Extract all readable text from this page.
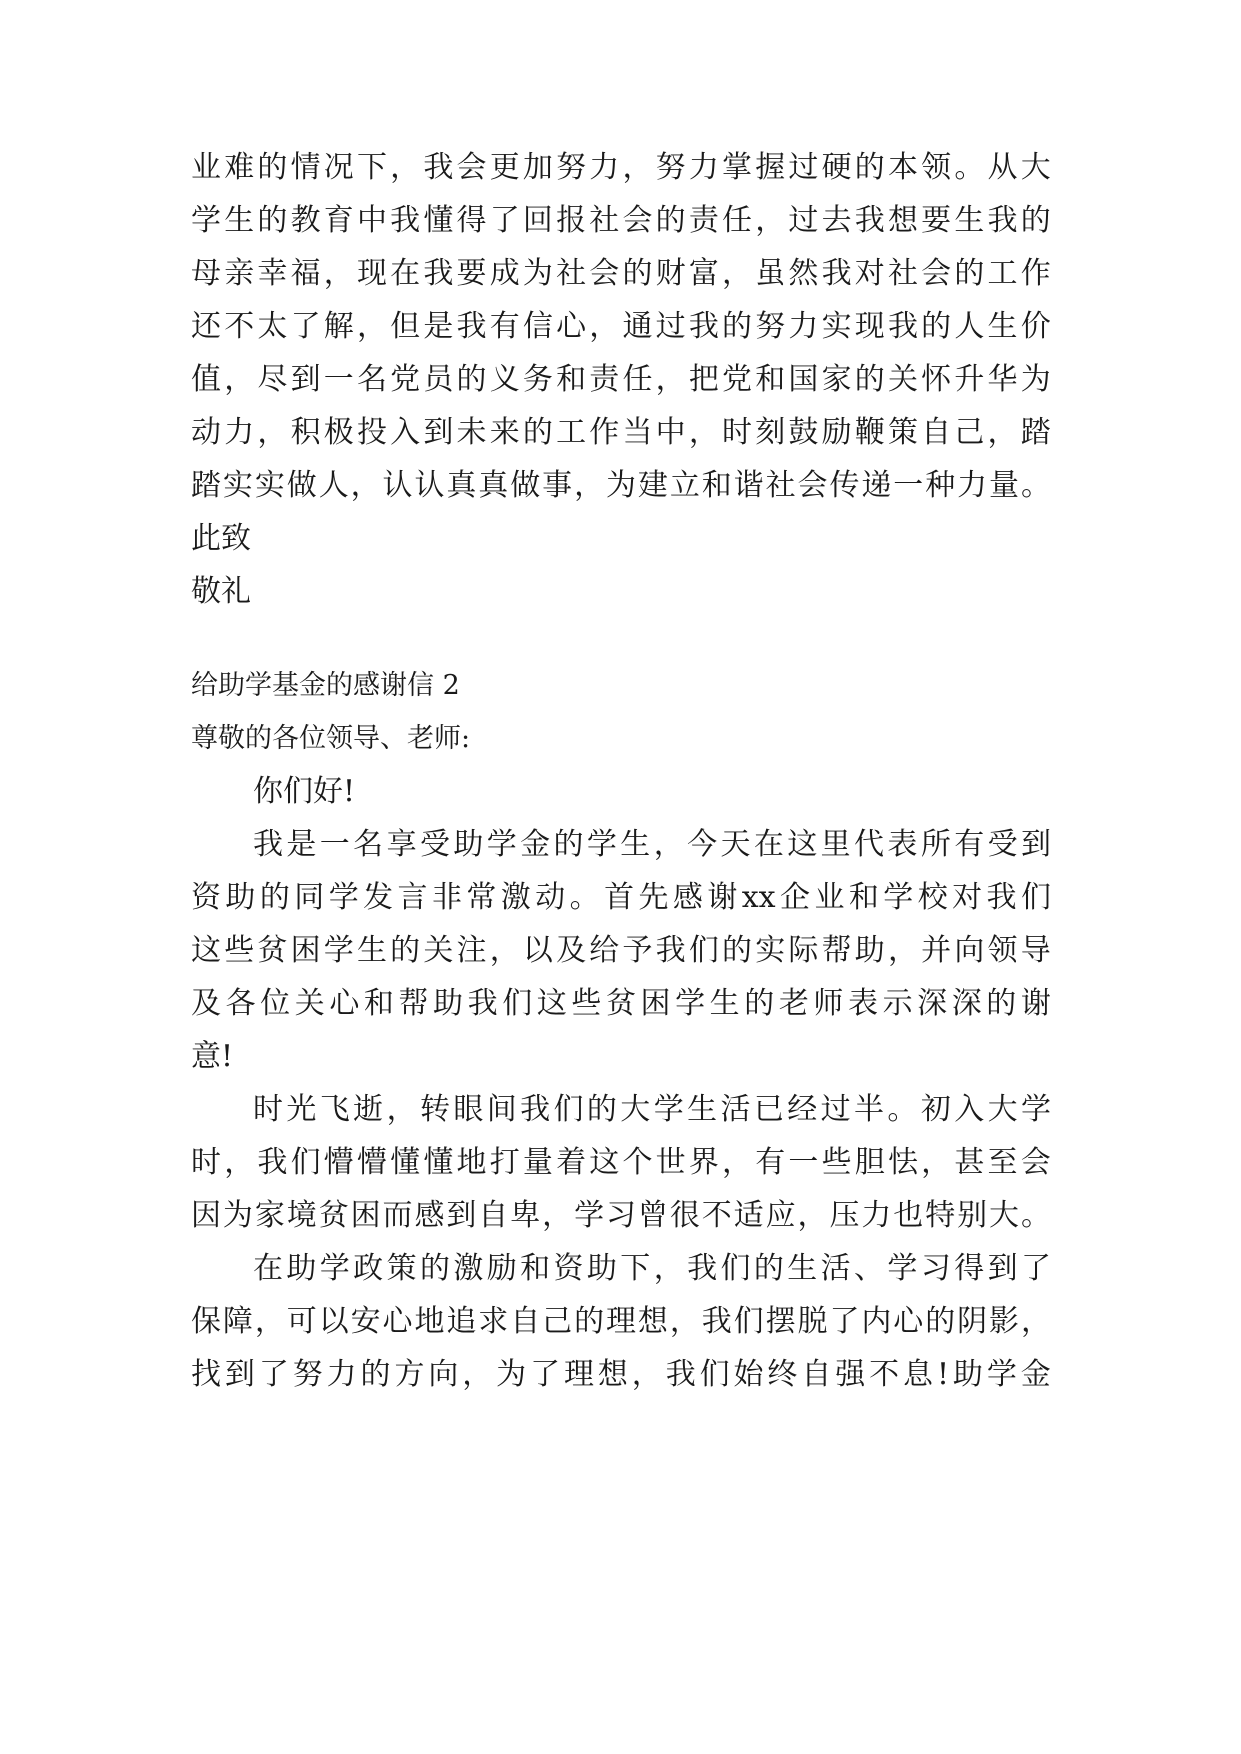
业 难 的 情 况 下 ， 我 会 更 加 努 力 ， 努 力 掌 握 过 硬 的 本 领 。 从 大
学 生 的 教 育 中 我 懂 得 了 回 报 社 会 的 责 任 ， 过 去 我 想 要 生 我 的
母 亲 幸 福 ， 现 在 我 要 成 为 社 会 的 财 富 ， 虽 然 我 对 社 会 的 工 作
还 不 太 了 解 ， 但 是 我 有 信 心 ， 通 过 我 的 努 力 实 现 我 的 人 生 价
值 ， 尽 到 一 名 党 员 的 义 务 和 责 任 ， 把 党 和 国 家 的 关 怀 升 华 为
动 力 ， 积 极 投 入 到 未 来 的 工 作 当 中 ， 时 刻 鼓 励 鞭 策 自 己 ， 踏
踏 实 实 做 人 ， 认 认 真 真 做 事 ， 为 建 立 和 谐 社 会 传 递 一 种 力 量 。
此致
敬礼
给助学基金的感谢信 2
尊敬的各位领导、老师:
你们好!
我 是 一 名 享 受 助 学 金 的 学 生 ， 今 天 在 这 里 代 表 所 有 受 到
资 助 的 同 学 发 言 非 常 激 动 。 首 先 感 谢 xx 企 业 和 学 校 对 我 们
这 些 贫 困 学 生 的 关 注 ， 以 及 给 予 我 们 的 实 际 帮 助 ， 并 向 领 导
及 各 位 关 心 和 帮 助 我 们 这 些 贫 困 学 生 的 老 师 表 示 深 深 的 谢
意!
时 光 飞 逝 ， 转 眼 间 我 们 的 大 学 生 活 已 经 过 半 。 初 入 大 学
时 ， 我 们 懵 懵 懂 懂 地 打 量 着 这 个 世 界 ， 有 一 些 胆 怯 ， 甚 至 会
因 为 家 境 贫 困 而 感 到 自 卑 ， 学 习 曾 很 不 适 应 ， 压 力 也 特 别 大 。
在 助 学 政 策 的 激 励 和 资 助 下 ， 我 们 的 生 活 、 学 习 得 到 了
保 障 ， 可 以 安 心 地 追 求 自 己 的 理 想 ， 我 们 摆 脱 了 内 心 的 阴 影 ，
找 到 了 努 力 的 方 向 ， 为 了 理 想 ， 我 们 始 终 自 强 不 息 ! 助 学 金
